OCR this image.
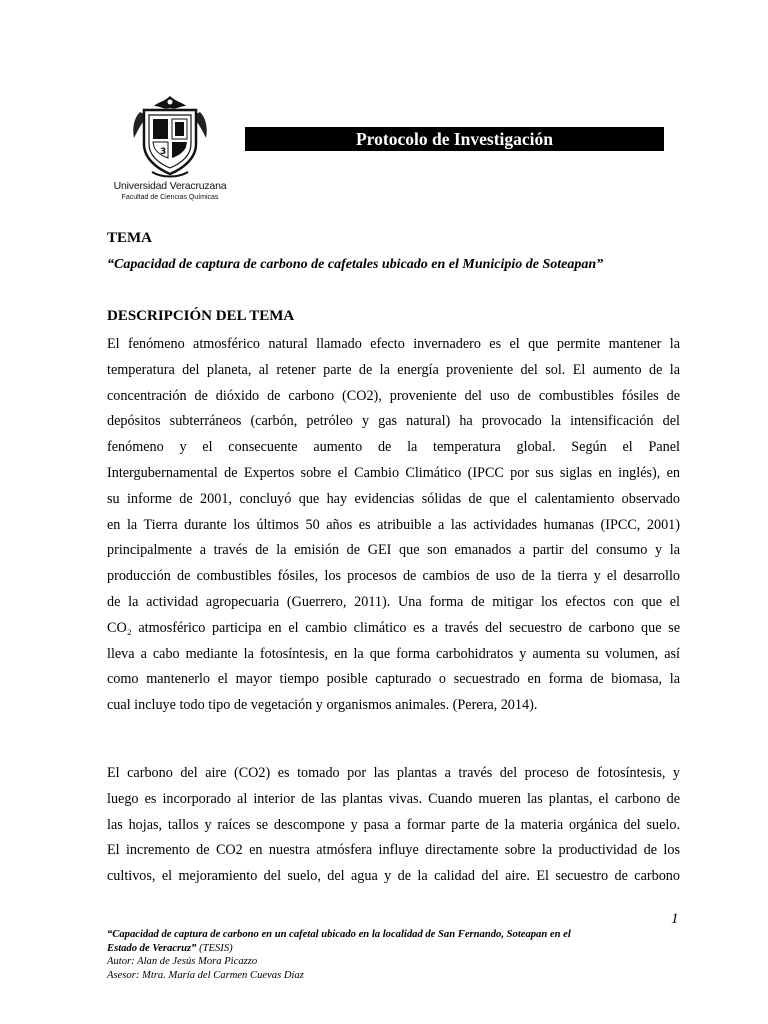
3
Universidad Veracruzana
Facultad de Ciencias Químicas
Protocolo de Investigación
TEMA
“Capacidad de captura de carbono de cafetales ubicado en el Municipio de Soteapan”
DESCRIPCIÓN DEL TEMA
El fenómeno atmosférico natural llamado efecto invernadero es el que permite mantener la
temperatura del planeta, al retener parte de la energía proveniente del sol. El aumento de la
concentración de dióxido de carbono (CO2), proveniente del uso de combustibles fósiles de
depósitos subterráneos (carbón, petróleo y gas natural) ha provocado la intensificación del
fenómeno y el consecuente aumento de la temperatura global. Según el Panel
Intergubernamental de Expertos sobre el Cambio Climático (IPCC por sus siglas en inglés), en
su informe de 2001, concluyó que hay evidencias sólidas de que el calentamiento observado
en la Tierra durante los últimos 50 años es atribuible a las actividades humanas (IPCC, 2001)
principalmente a través de la emisión de GEI que son emanados a partir del consumo y la
producción de combustibles fósiles, los procesos de cambios de uso de la tierra y el desarrollo
de la actividad agropecuaria (Guerrero, 2011). Una forma de mitigar los efectos con que el
CO₂ atmosférico participa en el cambio climático es a través del secuestro de carbono que se
lleva a cabo mediante la fotosíntesis, en la que forma carbohidratos y aumenta su volumen, así
como mantenerlo el mayor tiempo posible capturado o secuestrado en forma de biomasa, la
cual incluye todo tipo de vegetación y organismos animales. (Perera, 2014).
El carbono del aire (CO2) es tomado por las plantas a través del proceso de fotosíntesis, y
luego es incorporado al interior de las plantas vivas. Cuando mueren las plantas, el carbono de
las hojas, tallos y raíces se descompone y pasa a formar parte de la materia orgánica del suelo.
El incremento de CO2 en nuestra atmósfera influye directamente sobre la productividad de los
cultivos, el mejoramiento del suelo, del agua y de la calidad del aire. El secuestro de carbono
1
“Capacidad de captura de carbono en un cafetal ubicado en la localidad de San Fernando, Soteapan en el
Estado de Veracruz” (TESIS)
Autor: Alan de Jesús Mora Picazzo
Asesor: Mtra. María del Carmen Cuevas Díaz
